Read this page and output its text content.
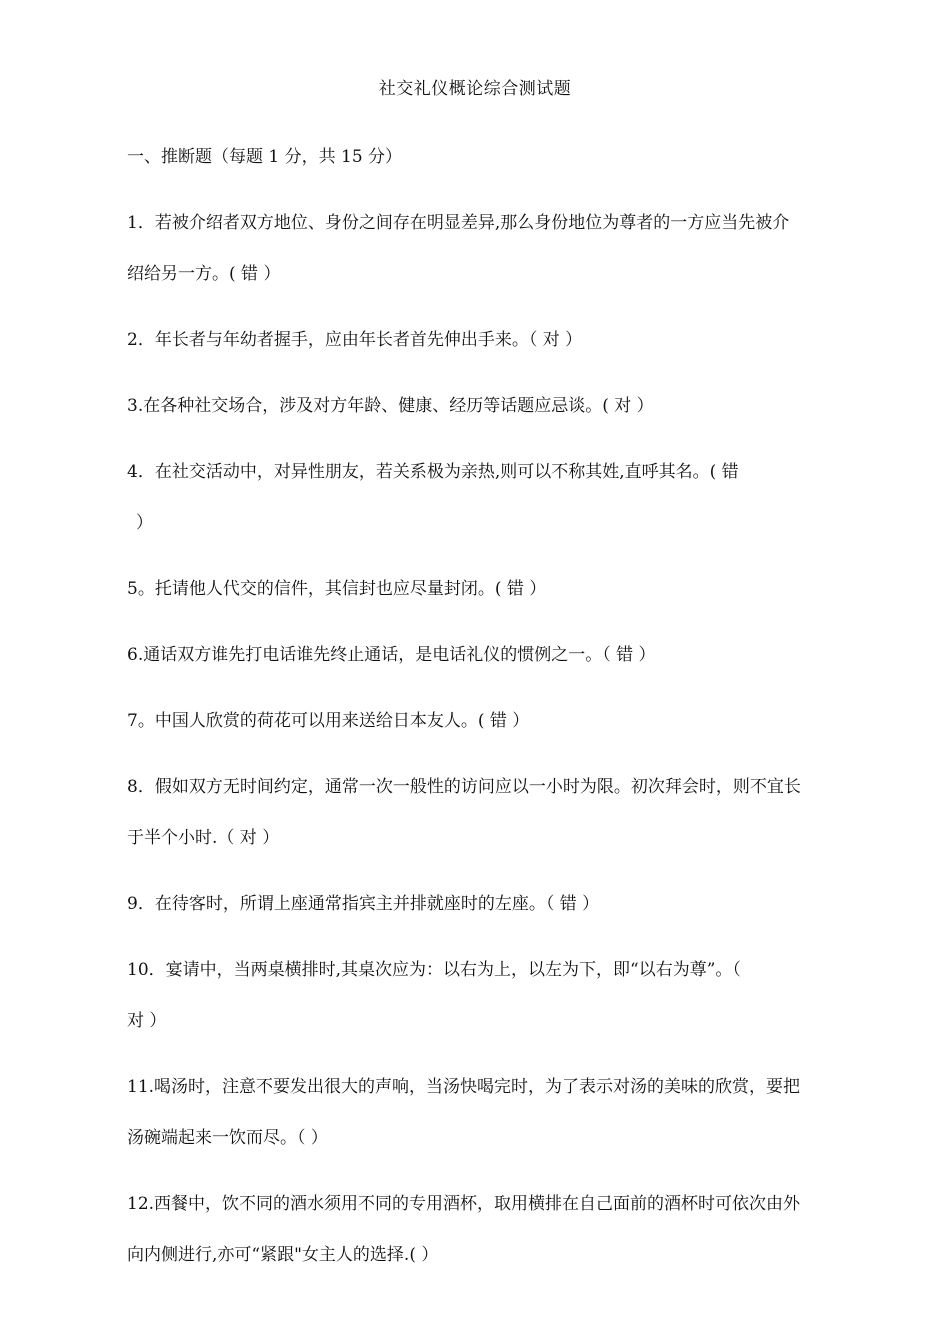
社交礼仪概论综合测试题
一、推断题（每题 1 分，共 15 分）
1．若被介绍者双方地位、身份之间存在明显差异,那么身份地位为尊者的一方应当先被介
绍给另一方。( 错 ）
2．年长者与年幼者握手，应由年长者首先伸出手来。（ 对 ）
3.在各种社交场合，涉及对方年龄、健康、经历等话题应忌谈。( 对 ）
4．在社交活动中，对异性朋友，若关系极为亲热,则可以不称其姓,直呼其名。( 错
）
5。托请他人代交的信件，其信封也应尽量封闭。( 错 ）
6.通话双方谁先打电话谁先终止通话，是电话礼仪的惯例之一。（ 错 ）
7。中国人欣赏的荷花可以用来送给日本友人。( 错 ）
8．假如双方无时间约定，通常一次一般性的访问应以一小时为限。初次拜会时，则不宜长
于半个小时.（ 对 ）
9．在待客时，所谓上座通常指宾主并排就座时的左座。（ 错 ）
10．宴请中，当两桌横排时,其桌次应为：以右为上，以左为下，即“以右为尊”。（
对 ）
11.喝汤时，注意不要发出很大的声响，当汤快喝完时，为了表示对汤的美味的欣赏，要把
汤碗端起来一饮而尽。（ ）
12.西餐中，饮不同的酒水须用不同的专用酒杯，取用横排在自己面前的酒杯时可依次由外
向内侧进行,亦可“紧跟"女主人的选择.( ）
